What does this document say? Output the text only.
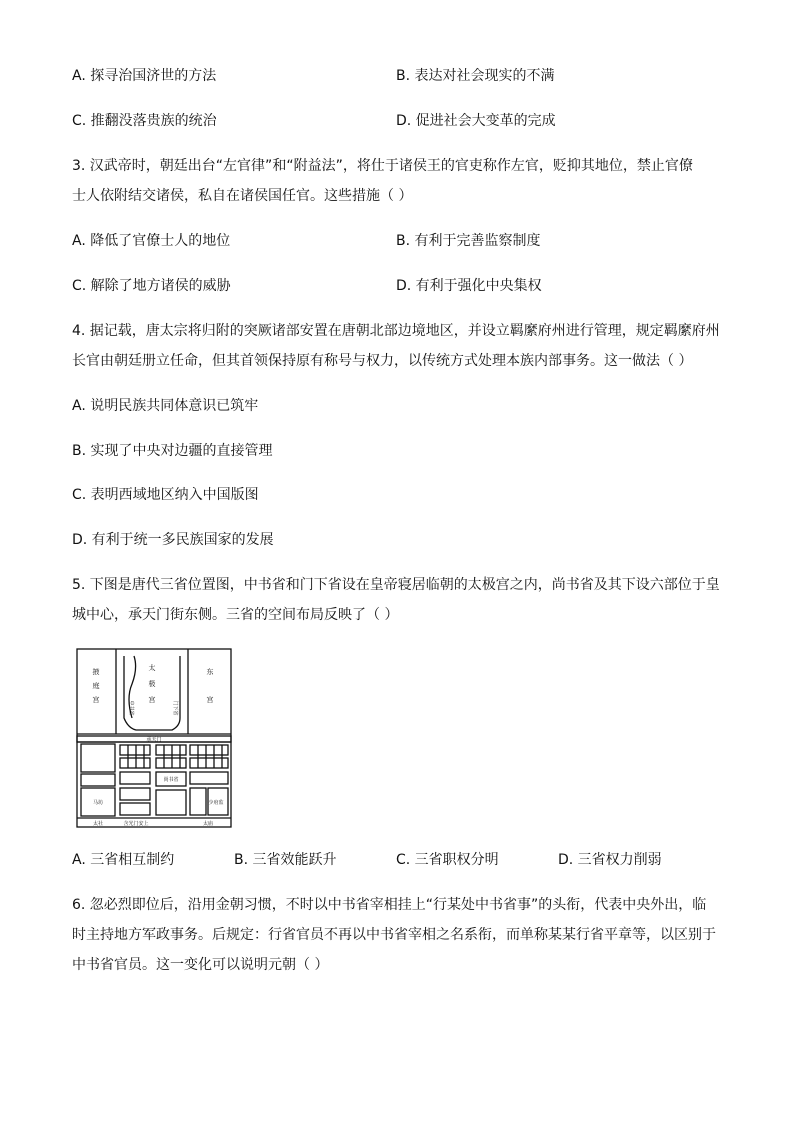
A. 探寻治国济世的方法	B. 表达对社会现实的不满
C. 推翻没落贵族的统治	D. 促进社会大变革的完成
3. 汉武帝时，朝廷出台“左官律”和“附益法”，将仕于诸侯王的官吏称作左官，贬抑其地位，禁止官僚
士人依附结交诸侯，私自在诸侯国任官。这些措施（ ）
A. 降低了官僚士人的地位	B. 有利于完善监察制度
C. 解除了地方诸侯的威胁	D. 有利于强化中央集权
4. 据记载，唐太宗将归附的突厥诸部安置在唐朝北部边境地区，并设立羁縻府州进行管理，规定羁縻府州
长官由朝廷册立任命，但其首领保持原有称号与权力，以传统方式处理本族内部事务。这一做法（ ）
A. 说明民族共同体意识已筑牢
B. 实现了中央对边疆的直接管理
C. 表明西域地区纳入中国版图
D. 有利于统一多民族国家的发展
5. 下图是唐代三省位置图，中书省和门下省设在皇帝寝居临朝的太极宫之内，尚书省及其下设六部位于皇
城中心，承天门街东侧。三省的空间布局反映了（ ）
掖
庭
宫
太
极
宫
东
宫
中书省	门下省
承天门
尚书省
马坊	少府监
太社	含光门安上	太庙
A. 三省相互制约	B. 三省效能跃升	C. 三省职权分明	D. 三省权力削弱
6. 忽必烈即位后，沿用金朝习惯，不时以中书省宰相挂上“行某处中书省事”的头衔，代表中央外出，临
时主持地方军政事务。后规定：行省官员不再以中书省宰相之名系衔，而单称某某行省平章等，以区别于
中书省官员。这一变化可以说明元朝（ ）
